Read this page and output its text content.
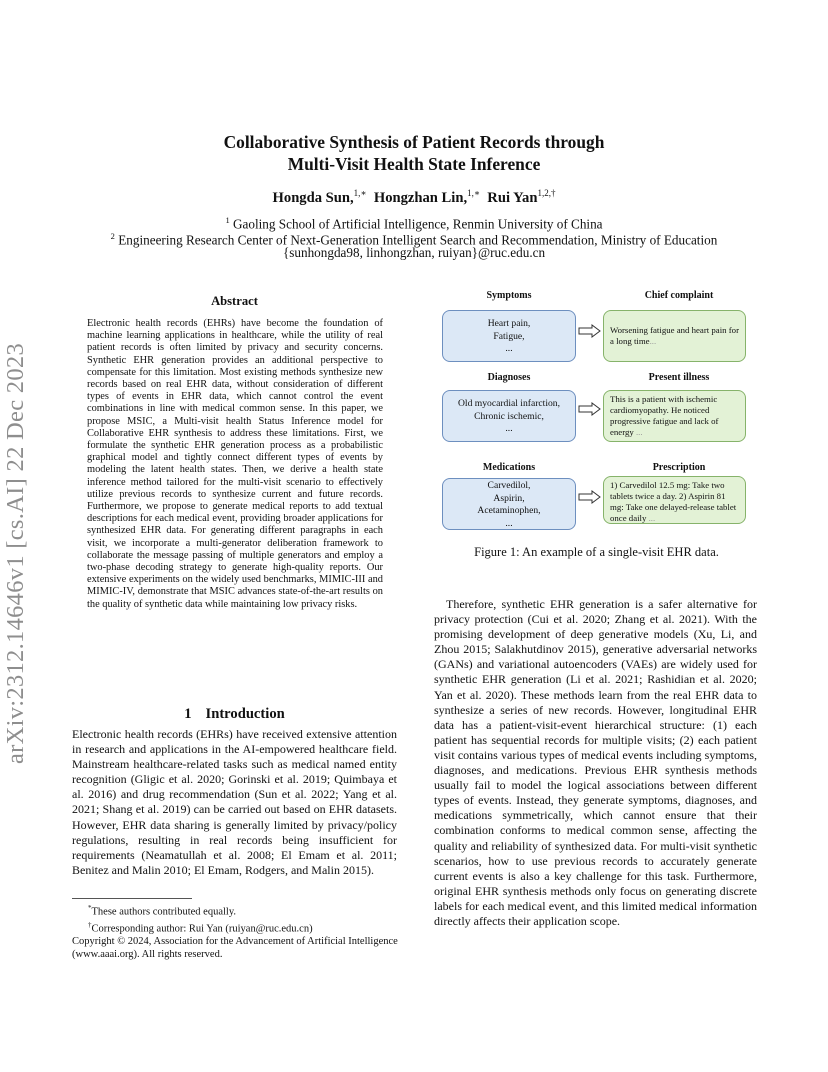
arXiv:2312.14646v1 [cs.AI] 22 Dec 2023
Collaborative Synthesis of Patient Records through
Multi-Visit Health State Inference
Hongda Sun,$^{1,∗}$ Hongzhan Lin,$^{1,∗}$ Rui Yan$^{1,2,\dagger}$
$^1$ Gaoling School of Artificial Intelligence, Renmin University of China
$^2$ Engineering Research Center of Next-Generation Intelligent Search and Recommendation, Ministry of Education
{sunhongda98, linhongzhan, ruiyan}@ruc.edu.cn
Abstract
Electronic health records (EHRs) have become the foundation of machine learning applications in healthcare, while the utility of real patient records is often limited by privacy and security concerns. Synthetic EHR generation provides an additional perspective to compensate for this limitation. Most existing methods synthesize new records based on real EHR data, without consideration of different types of events in EHR data, which cannot control the event combinations in line with medical common sense. In this paper, we propose MSIC, a Multi-visit health Status Inference model for Collaborative EHR synthesis to address these limitations. First, we formulate the synthetic EHR generation process as a probabilistic graphical model and tightly connect different types of events by modeling the latent health states. Then, we derive a health state inference method tailored for the multi-visit scenario to effectively utilize previous records to synthesize current and future records. Furthermore, we propose to generate medical reports to add textual descriptions for each medical event, providing broader applications for synthesized EHR data. For generating different paragraphs in each visit, we incorporate a multi-generator deliberation framework to collaborate the message passing of multiple generators and employ a two-phase decoding strategy to generate high-quality reports. Our extensive experiments on the widely used benchmarks, MIMIC-III and MIMIC-IV, demonstrate that MSIC advances state-of-the-art results on the quality of synthetic data while maintaining low privacy risks.
1 Introduction
Electronic health records (EHRs) have received extensive attention in research and applications in the AI-empowered healthcare field. Mainstream healthcare-related tasks such as medical named entity recognition (Gligic et al. 2020; Gorinski et al. 2019; Quimbaya et al. 2016) and drug recommendation (Sun et al. 2022; Yang et al. 2021; Shang et al. 2019) can be carried out based on EHR datasets. However, EHR data sharing is generally limited by privacy/policy regulations, resulting in real records being insufficient for requirements (Neamatullah et al. 2008; El Emam et al. 2011; Benitez and Malin 2010; El Emam, Rodgers, and Malin 2015).
*These authors contributed equally.
†Corresponding author: Rui Yan (ruiyan@ruc.edu.cn)
Copyright © 2024, Association for the Advancement of Artificial Intelligence (www.aaai.org). All rights reserved.
Symptoms	Chief complaint
Heart pain,
Fatigue,
...
Worsening fatigue and heart pain for a long time...
Diagnoses	Present illness
Old myocardial infarction,
Chronic ischemic,
...
This is a patient with ischemic cardiomyopathy. He noticed progressive fatigue and lack of energy ...
Medications	Prescription
Carvedilol,
Aspirin,
Acetaminophen,
...
1) Carvedilol 12.5 mg: Take two tablets twice a day. 2) Aspirin 81 mg: Take one delayed-release tablet once daily ...
Figure 1: An example of a single-visit EHR data.
Therefore, synthetic EHR generation is a safer alternative for privacy protection (Cui et al. 2020; Zhang et al. 2021). With the promising development of deep generative models (Xu, Li, and Zhou 2015; Salakhutdinov 2015), generative adversarial networks (GANs) and variational autoencoders (VAEs) are widely used for synthetic EHR generation (Li et al. 2021; Rashidian et al. 2020; Yan et al. 2020). These methods learn from the real EHR data to synthesize a series of new records. However, longitudinal EHR data has a patient-visit-event hierarchical structure: (1) each patient has sequential records for multiple visits; (2) each patient visit contains various types of medical events including symptoms, diagnoses, and medications. Previous EHR synthesis methods usually fail to model the logical associations between different types of events. Instead, they generate symptoms, diagnoses, and medications symmetrically, which cannot ensure that their combination conforms to medical common sense, affecting the quality and reliability of synthesized data. For multi-visit synthetic scenarios, how to use previous records to accurately generate current events is also a key challenge for this task. Furthermore, original EHR synthesis methods only focus on generating discrete labels for each medical event, and this limited medical information directly affects their application scope.
